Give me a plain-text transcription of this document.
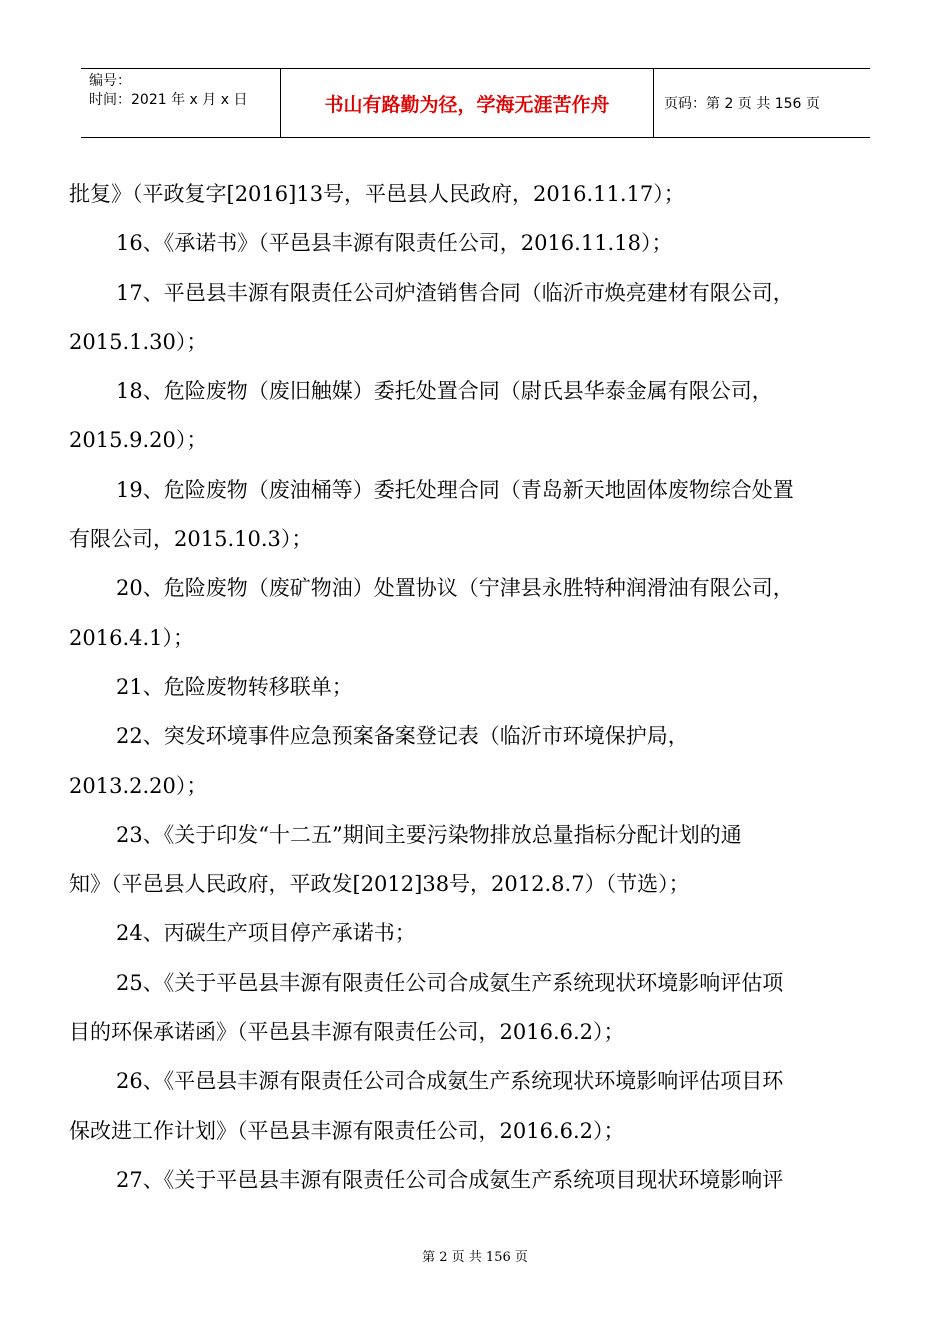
编号：
时间：2021 年 x 月 x 日	书山有路勤为径，学海无涯苦作舟	页码：第 2 页 共 156 页
批复》（平政复字[2016]13号，平邑县人民政府，2016.11.17）；
16、《承诺书》（平邑县丰源有限责任公司，2016.11.18）；
17、平邑县丰源有限责任公司炉渣销售合同（临沂市焕亮建材有限公司，
2015.1.30）；
18、危险废物（废旧触媒）委托处置合同（尉氏县华泰金属有限公司，
2015.9.20）；
19、危险废物（废油桶等）委托处理合同（青岛新天地固体废物综合处置
有限公司，2015.10.3）；
20、危险废物（废矿物油）处置协议（宁津县永胜特种润滑油有限公司，
2016.4.1）；
21、危险废物转移联单；
22、突发环境事件应急预案备案登记表（临沂市环境保护局，
2013.2.20）；
23、《关于印发“十二五”期间主要污染物排放总量指标分配计划的通
知》（平邑县人民政府，平政发[2012]38号，2012.8.7）（节选）；
24、丙碳生产项目停产承诺书；
25、《关于平邑县丰源有限责任公司合成氨生产系统现状环境影响评估项
目的环保承诺函》（平邑县丰源有限责任公司，2016.6.2）；
26、《平邑县丰源有限责任公司合成氨生产系统现状环境影响评估项目环
保改进工作计划》（平邑县丰源有限责任公司，2016.6.2）；
27、《关于平邑县丰源有限责任公司合成氨生产系统项目现状环境影响评
第 2 页 共 156 页
